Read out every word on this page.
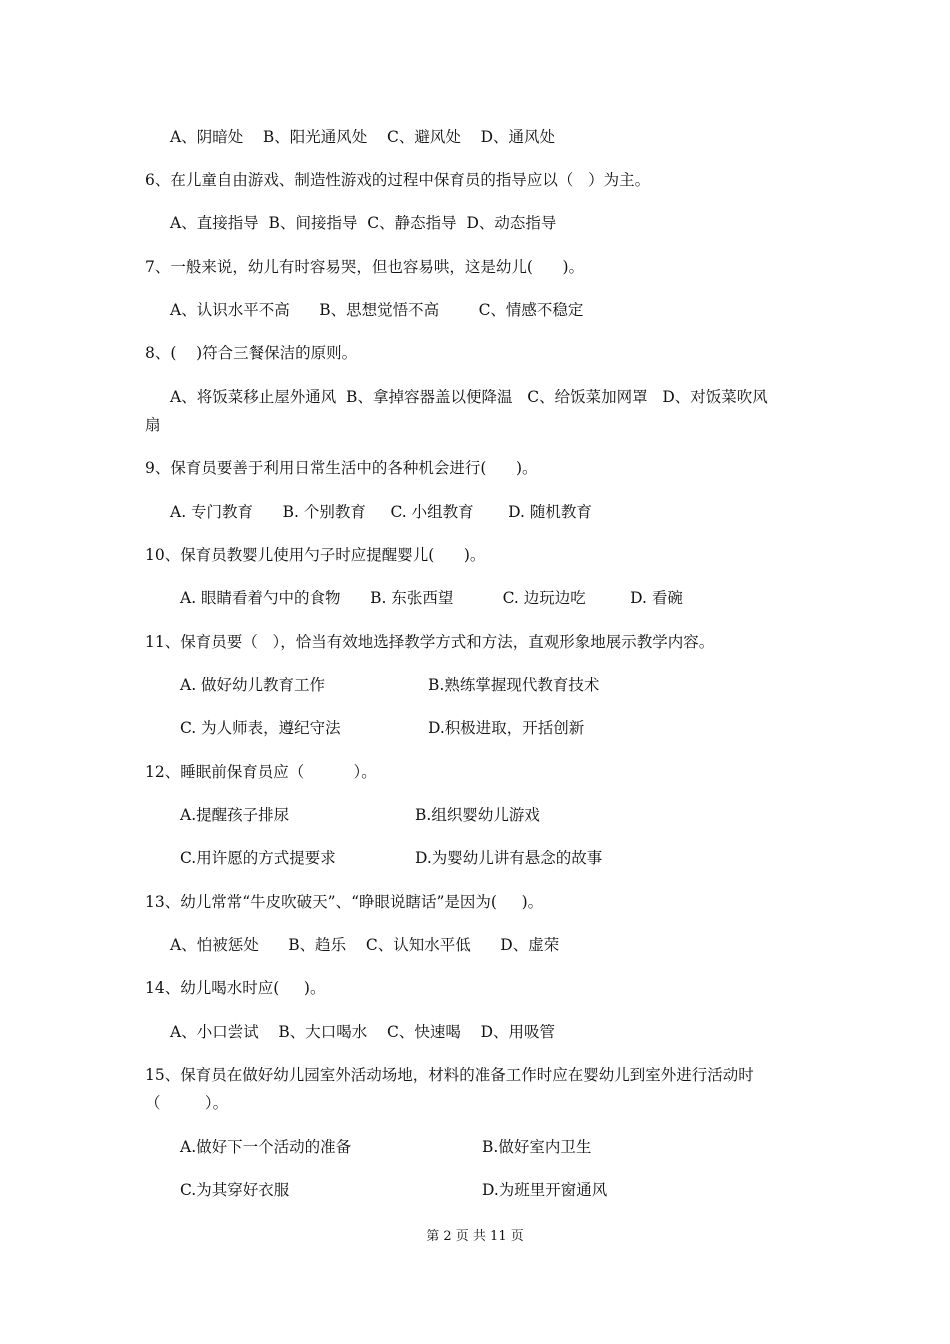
A、阴暗处    B、阳光通风处    C、避风处    D、通风处
6、在儿童自由游戏、制造性游戏的过程中保育员的指导应以（   ）为主。
A、直接指导  B、间接指导  C、静态指导  D、动态指导
7、一般来说，幼儿有时容易哭，但也容易哄，这是幼儿(      )。
A、认识水平不高      B、思想觉悟不高        C、情感不稳定
8、(    )符合三餐保洁的原则。
A、将饭菜移止屋外通风  B、拿掉容器盖以便降温   C、给饭菜加网罩   D、对饭菜吹风
扇
9、保育员要善于利用日常生活中的各种机会进行(      )。
A. 专门教育      B. 个别教育     C. 小组教育       D. 随机教育
10、保育员教婴儿使用勺子时应提醒婴儿(      )。
A. 眼睛看着勺中的食物      B. 东张西望          C. 边玩边吃         D. 看碗
11、保育员要（   ），恰当有效地选择教学方式和方法，直观形象地展示教学内容。
A. 做好幼儿教育工作	B.熟练掌握现代教育技术
C. 为人师表，遵纪守法	D.积极进取，开括创新
12、睡眠前保育员应（          ）。
A.提醒孩子排尿	B.组织婴幼儿游戏
C.用许愿的方式提要求	D.为婴幼儿讲有悬念的故事
13、幼儿常常“牛皮吹破天”、“睁眼说瞎话”是因为(     )。
A、怕被惩处      B、趋乐    C、认知水平低      D、虚荣
14、幼儿喝水时应(     )。
A、小口尝试    B、大口喝水    C、快速喝    D、用吸管
15、保育员在做好幼儿园室外活动场地，材料的准备工作时应在婴幼儿到室外进行活动时
（         ）。
A.做好下一个活动的准备	B.做好室内卫生
C.为其穿好衣服	D.为班里开窗通风
第 2 页 共 11 页
